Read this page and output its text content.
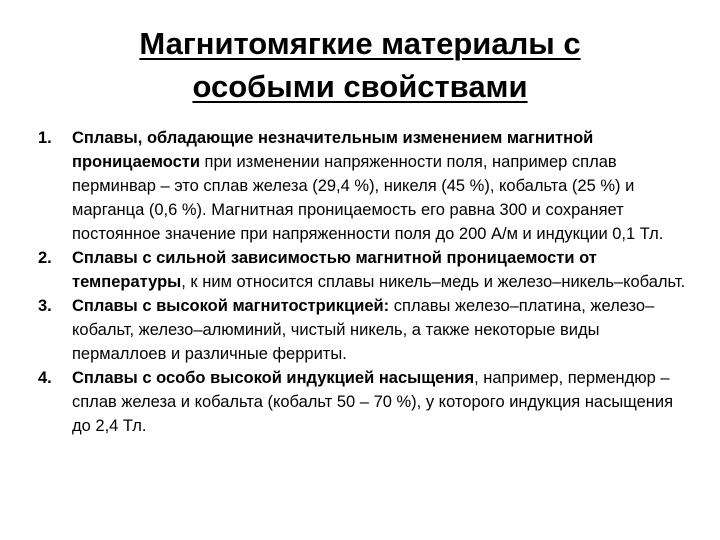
Магнитомягкие материалы с
особыми свойствами
1. Сплавы, обладающие незначительным изменением магнитной проницаемости при изменении напряженности поля, например сплав перминвар – это сплав железа (29,4 %), никеля (45 %), кобальта (25 %) и марганца (0,6 %). Магнитная проницаемость его равна 300 и сохраняет постоянное значение при напряженности поля до 200 А/м и индукции 0,1 Тл.
2. Сплавы с сильной зависимостью магнитной проницаемости от температуры, к ним относится сплавы никель–медь и железо–никель–кобальт.
3. Сплавы с высокой магнитострикцией: сплавы железо–платина, железо–кобальт, железо–алюминий, чистый никель, а также некоторые виды пермаллоев и различные ферриты.
4. Сплавы с особо высокой индукцией насыщения, например, пермендюр – сплав железа и кобальта (кобальт 50 – 70 %), у которого индукция насыщения до 2,4 Тл.
